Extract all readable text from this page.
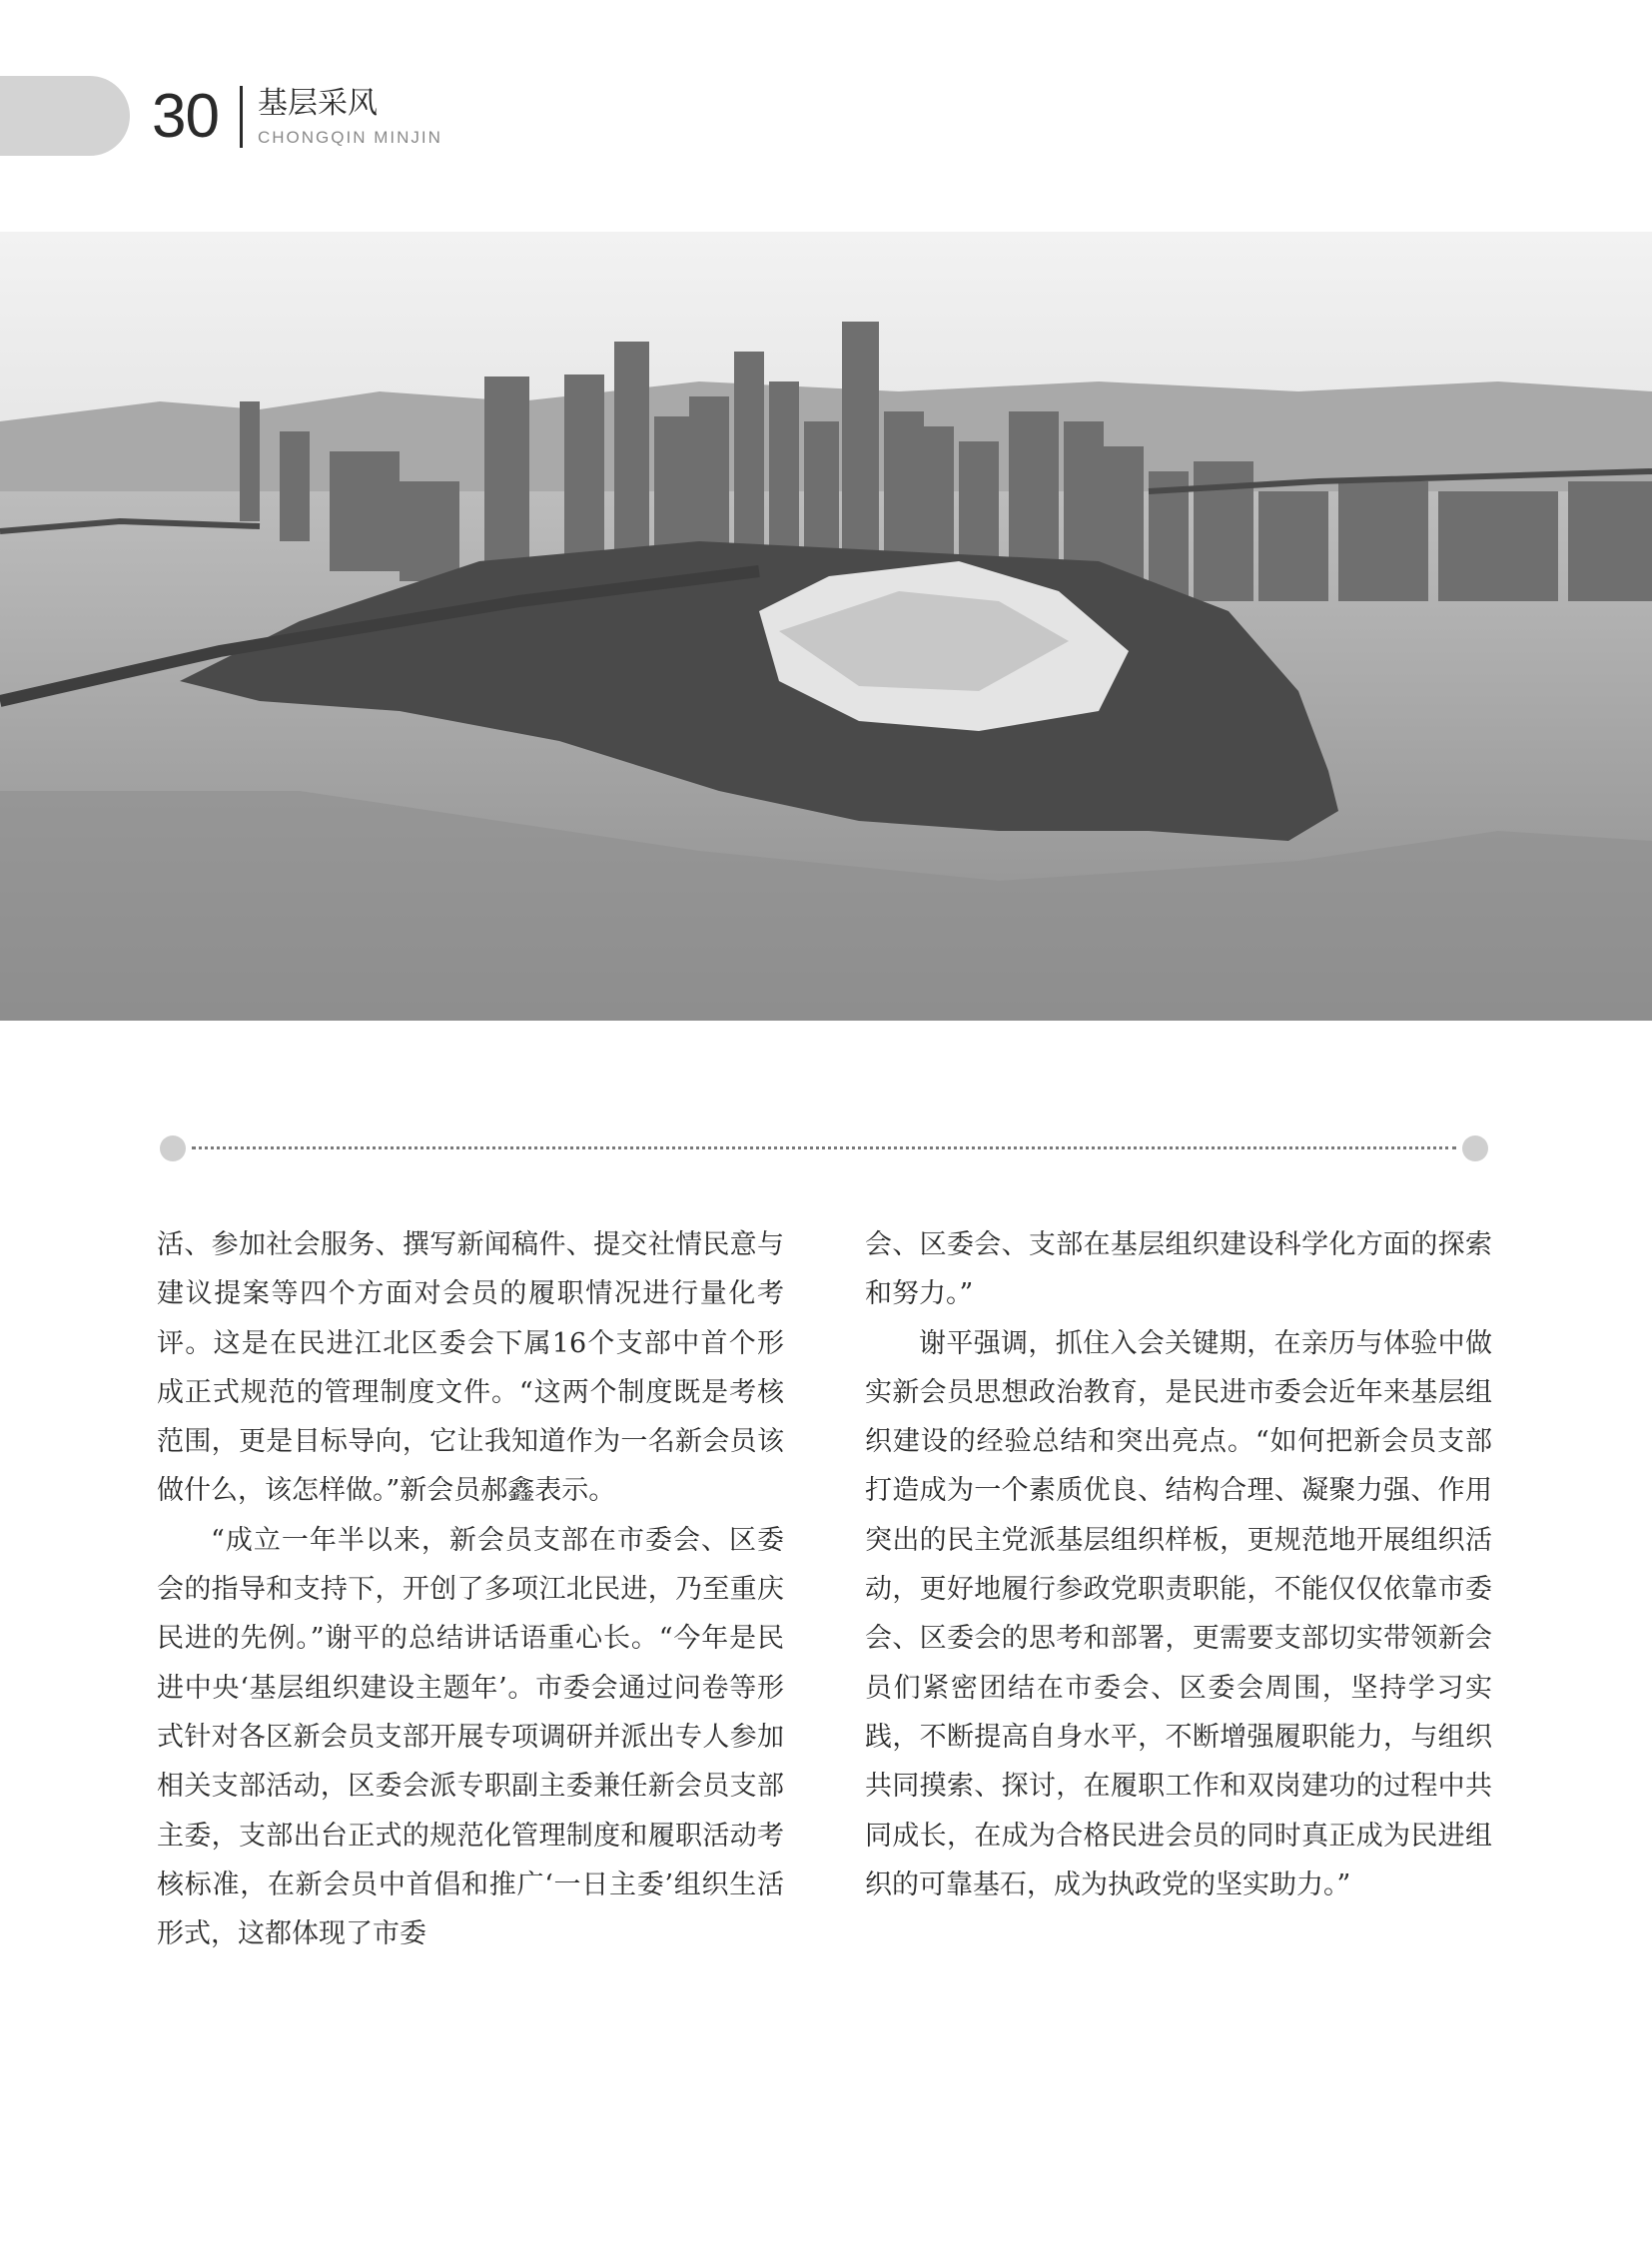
30 基层采风
CHONGQIN MINJIN

活、参加社会服务、撰写新闻稿件、提交社情民意与建议提案等四个方面对会员的履职情况进行量化考评。这是在民进江北区委会下属16个支部中首个形成正式规范的管理制度文件。“这两个制度既是考核范围，更是目标导向，它让我知道作为一名新会员该做什么，该怎样做。”新会员郝鑫表示。

“成立一年半以来，新会员支部在市委会、区委会的指导和支持下，开创了多项江北民进，乃至重庆民进的先例。”谢平的总结讲话语重心长。“今年是民进中央‘基层组织建设主题年’。市委会通过问卷等形式针对各区新会员支部开展专项调研并派出专人参加相关支部活动，区委会派专职副主委兼任新会员支部主委，支部出台正式的规范化管理制度和履职活动考核标准，在新会员中首倡和推广‘一日主委’组织生活形式，这都体现了市委

会、区委会、支部在基层组织建设科学化方面的探索和努力。”

谢平强调，抓住入会关键期，在亲历与体验中做实新会员思想政治教育，是民进市委会近年来基层组织建设的经验总结和突出亮点。“如何把新会员支部打造成为一个素质优良、结构合理、凝聚力强、作用突出的民主党派基层组织样板，更规范地开展组织活动，更好地履行参政党职责职能，不能仅仅依靠市委会、区委会的思考和部署，更需要支部切实带领新会员们紧密团结在市委会、区委会周围，坚持学习实践，不断提高自身水平，不断增强履职能力，与组织共同摸索、探讨，在履职工作和双岗建功的过程中共同成长，在成为合格民进会员的同时真正成为民进组织的可靠基石，成为执政党的坚实助力。”
